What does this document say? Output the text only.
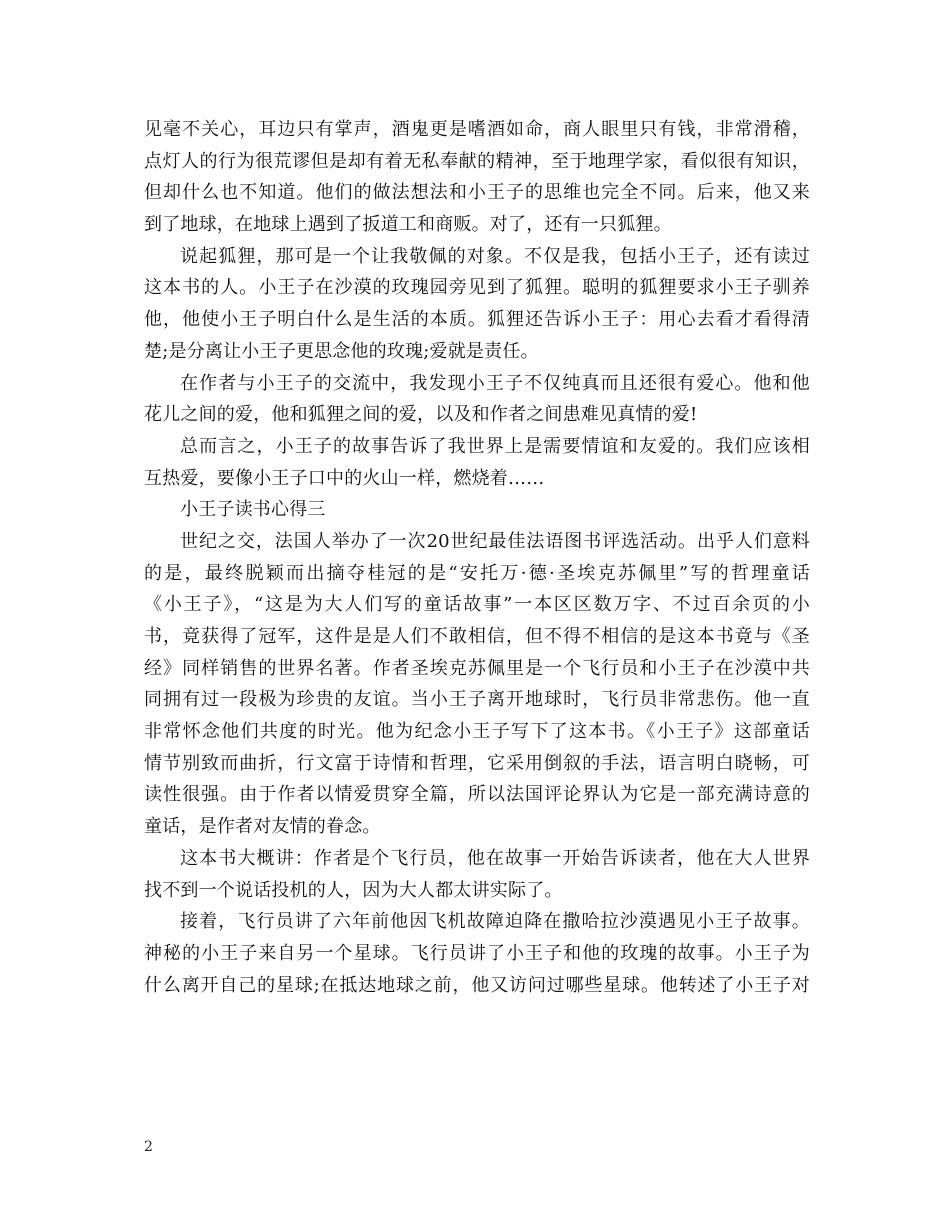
见毫不关心，耳边只有掌声，酒鬼更是嗜酒如命，商人眼里只有钱，非常滑稽，
点灯人的行为很荒谬但是却有着无私奉献的精神，至于地理学家，看似很有知识，
但却什么也不知道。他们的做法想法和小王子的思维也完全不同。后来，他又来
到了地球，在地球上遇到了扳道工和商贩。对了，还有一只狐狸。
说起狐狸，那可是一个让我敬佩的对象。不仅是我，包括小王子，还有读过
这本书的人。小王子在沙漠的玫瑰园旁见到了狐狸。聪明的狐狸要求小王子驯养
他，他使小王子明白什么是生活的本质。狐狸还告诉小王子：用心去看才看得清
楚;是分离让小王子更思念他的玫瑰;爱就是责任。
在作者与小王子的交流中，我发现小王子不仅纯真而且还很有爱心。他和他
花儿之间的爱，他和狐狸之间的爱，以及和作者之间患难见真情的爱!
总而言之，小王子的故事告诉了我世界上是需要情谊和友爱的。我们应该相
互热爱，要像小王子口中的火山一样，燃烧着……
小王子读书心得三
世纪之交，法国人举办了一次20世纪最佳法语图书评选活动。出乎人们意料
的是，最终脱颖而出摘夺桂冠的是“安托万·德·圣埃克苏佩里”写的哲理童话
《小王子》，“这是为大人们写的童话故事”一本区区数万字、不过百余页的小
书，竟获得了冠军，这件是是人们不敢相信，但不得不相信的是这本书竟与《圣
经》同样销售的世界名著。作者圣埃克苏佩里是一个飞行员和小王子在沙漠中共
同拥有过一段极为珍贵的友谊。当小王子离开地球时，飞行员非常悲伤。他一直
非常怀念他们共度的时光。他为纪念小王子写下了这本书。《小王子》这部童话
情节别致而曲折，行文富于诗情和哲理，它采用倒叙的手法，语言明白晓畅，可
读性很强。由于作者以情爱贯穿全篇，所以法国评论界认为它是一部充满诗意的
童话，是作者对友情的眷念。
这本书大概讲：作者是个飞行员，他在故事一开始告诉读者，他在大人世界
找不到一个说话投机的人，因为大人都太讲实际了。
接着，飞行员讲了六年前他因飞机故障迫降在撒哈拉沙漠遇见小王子故事。
神秘的小王子来自另一个星球。飞行员讲了小王子和他的玫瑰的故事。小王子为
什么离开自己的星球;在抵达地球之前，他又访问过哪些星球。他转述了小王子对
2
